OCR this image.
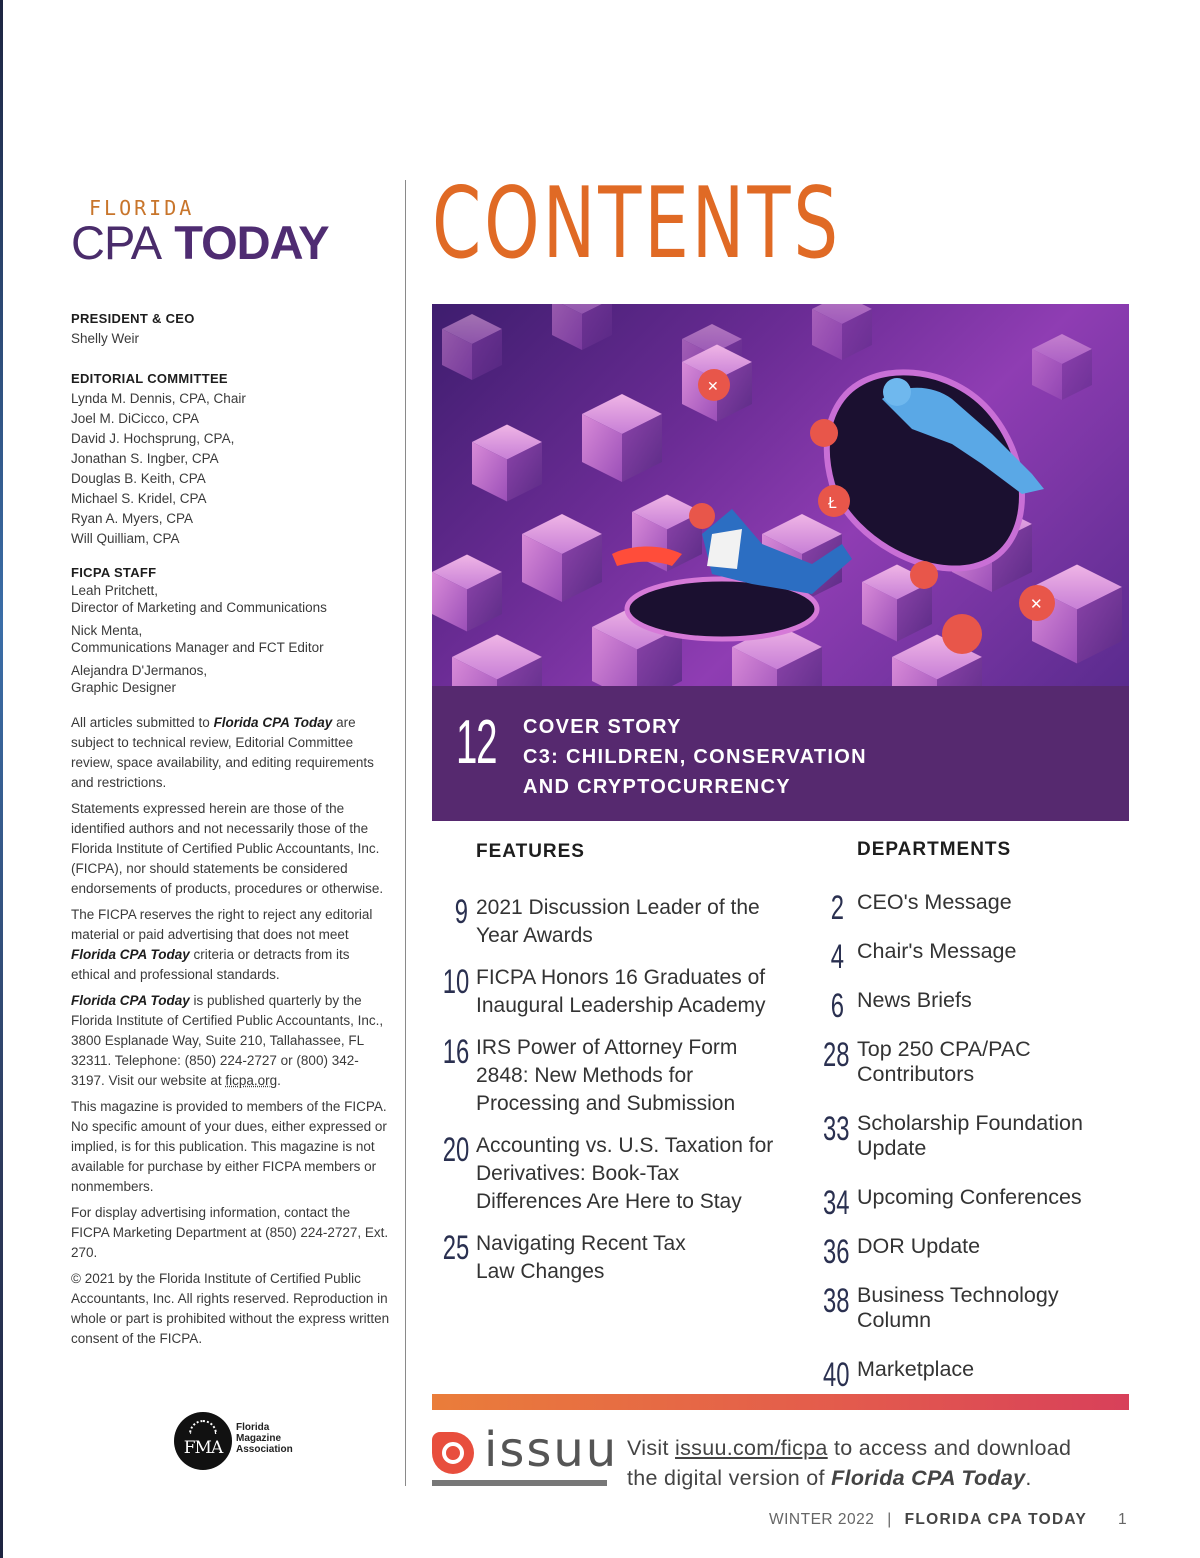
FLORIDA
CPA TODAY
PRESIDENT & CEO
Shelly Weir
EDITORIAL COMMITTEE
Lynda M. Dennis, CPA, Chair
Joel M. DiCicco, CPA
David J. Hochsprung, CPA,
Jonathan S. Ingber, CPA
Douglas B. Keith, CPA
Michael S. Kridel, CPA
Ryan A. Myers, CPA
Will Quilliam, CPA
FICPA STAFF
Leah Pritchett,
Director of Marketing and Communications
Nick Menta,
Communications Manager and FCT Editor
Alejandra D'Jermanos,
Graphic Designer

All articles submitted to Florida CPA Today are subject to technical review, Editorial Committee review, space availability, and editing requirements and restrictions.

Statements expressed herein are those of the identified authors and not necessarily those of the Florida Institute of Certified Public Accountants, Inc. (FICPA), nor should statements be considered endorsements of products, procedures or otherwise.

The FICPA reserves the right to reject any editorial material or paid advertising that does not meet Florida CPA Today criteria or detracts from its ethical and professional standards.

Florida CPA Today is published quarterly by the Florida Institute of Certified Public Accountants, Inc., 3800 Esplanade Way, Suite 210, Tallahassee, FL 32311. Telephone: (850) 224-2727 or (800) 342-3197. Visit our website at ficpa.org.

This magazine is provided to members of the FICPA. No specific amount of your dues, either expressed or implied, is for this publication. This magazine is not available for purchase by either FICPA members or nonmembers.

For display advertising information, contact the FICPA Marketing Department at (850) 224-2727, Ext. 270.

© 2021 by the Florida Institute of Certified Public Accountants, Inc. All rights reserved. Reproduction in whole or part is prohibited without the express written consent of the FICPA.

FMA
Florida
Magazine
Association
CONTENTS
✕
Ł
✕
12 COVER STORY
C3: CHILDREN, CONSERVATION
AND CRYPTOCURRENCY
FEATURES
9 2021 Discussion Leader of the Year Awards
10 FICPA Honors 16 Graduates of Inaugural Leadership Academy
16 IRS Power of Attorney Form 2848: New Methods for Processing and Submission
20 Accounting vs. U.S. Taxation for Derivatives: Book-Tax Differences Are Here to Stay
25 Navigating Recent Tax Law Changes
DEPARTMENTS
2 CEO's Message
4 Chair's Message
6 News Briefs
28 Top 250 CPA/PAC Contributors
33 Scholarship Foundation Update
34 Upcoming Conferences
36 DOR Update
38 Business Technology Column
40 Marketplace
issuu Visit issuu.com/ficpa to access and download
the digital version of Florida CPA Today.
WINTER 2022 | FLORIDA CPA TODAY 1
